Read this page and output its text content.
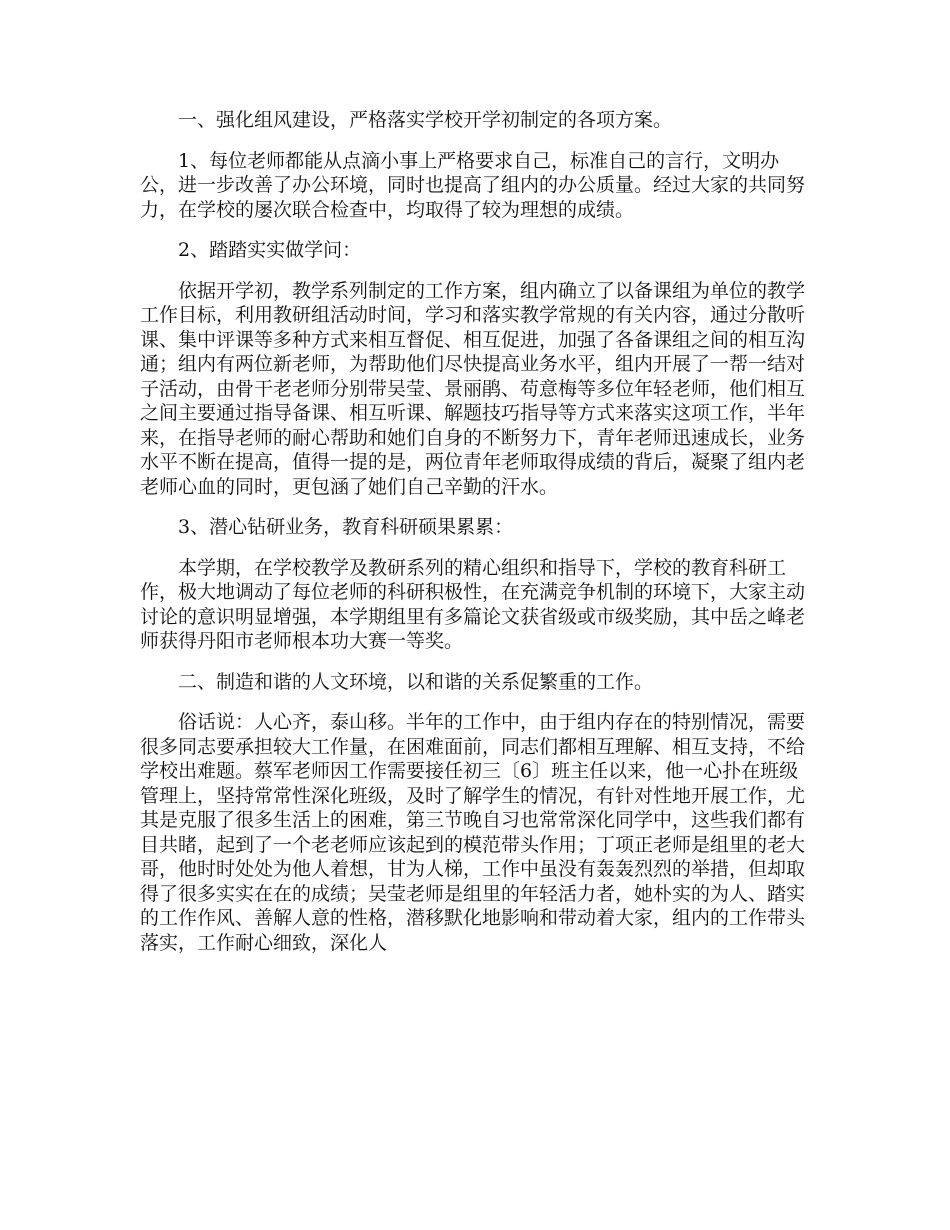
一、强化组风建设，严格落实学校开学初制定的各项方案。

1、每位老师都能从点滴小事上严格要求自己，标准自己的言行，文明办公，进一步改善了办公环境，同时也提高了组内的办公质量。经过大家的共同努力，在学校的屡次联合检查中，均取得了较为理想的成绩。

2、踏踏实实做学问：

依据开学初，教学系列制定的工作方案，组内确立了以备课组为单位的教学工作目标，利用教研组活动时间，学习和落实教学常规的有关内容，通过分散听课、集中评课等多种方式来相互督促、相互促进，加强了各备课组之间的相互沟通；组内有两位新老师，为帮助他们尽快提高业务水平，组内开展了一帮一结对子活动，由骨干老老师分别带吴莹、景丽鹃、苟意梅等多位年轻老师，他们相互之间主要通过指导备课、相互听课、解题技巧指导等方式来落实这项工作，半年来，在指导老师的耐心帮助和她们自身的不断努力下，青年老师迅速成长，业务水平不断在提高，值得一提的是，两位青年老师取得成绩的背后，凝聚了组内老老师心血的同时，更包涵了她们自己辛勤的汗水。

3、潜心钻研业务，教育科研硕果累累：

本学期，在学校教学及教研系列的精心组织和指导下，学校的教育科研工作，极大地调动了每位老师的科研积极性，在充满竞争机制的环境下，大家主动讨论的意识明显增强，本学期组里有多篇论文获省级或市级奖励，其中岳之峰老师获得丹阳市老师根本功大赛一等奖。

二、制造和谐的人文环境，以和谐的关系促繁重的工作。

俗话说：人心齐，泰山移。半年的工作中，由于组内存在的特别情况，需要很多同志要承担较大工作量，在困难面前，同志们都相互理解、相互支持，不给学校出难题。蔡军老师因工作需要接任初三〔6〕班主任以来，他一心扑在班级管理上，坚持常常性深化班级，及时了解学生的情况，有针对性地开展工作，尤其是克服了很多生活上的困难，第三节晚自习也常常深化同学中，这些我们都有目共睹，起到了一个老老师应该起到的模范带头作用；丁项正老师是组里的老大哥，他时时处处为他人着想，甘为人梯，工作中虽没有轰轰烈烈的举措，但却取得了很多实实在在的成绩；吴莹老师是组里的年轻活力者，她朴实的为人、踏实的工作作风、善解人意的性格，潜移默化地影响和带动着大家，组内的工作带头落实，工作耐心细致，深化人
